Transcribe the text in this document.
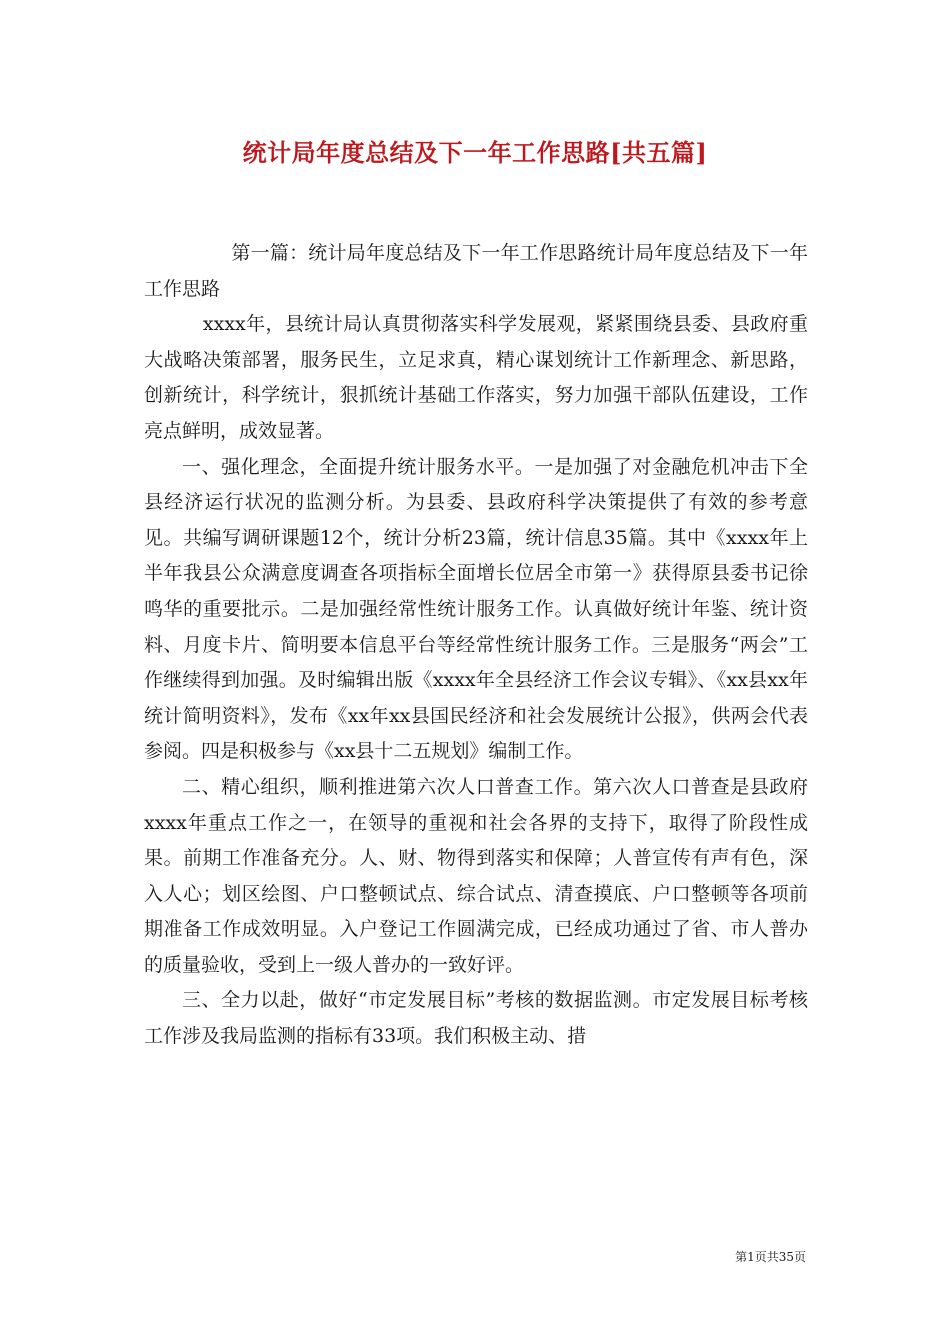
统计局年度总结及下一年工作思路[共五篇]

第一篇：统计局年度总结及下一年工作思路统计局年度总结及下一年工作思路

xxxx年，县统计局认真贯彻落实科学发展观，紧紧围绕县委、县政府重大战略决策部署，服务民生，立足求真，精心谋划统计工作新理念、新思路，创新统计，科学统计，狠抓统计基础工作落实，努力加强干部队伍建设，工作亮点鲜明，成效显著。

一、强化理念，全面提升统计服务水平。一是加强了对金融危机冲击下全县经济运行状况的监测分析。为县委、县政府科学决策提供了有效的参考意见。共编写调研课题12个，统计分析23篇，统计信息35篇。其中《xxxx年上半年我县公众满意度调查各项指标全面增长位居全市第一》获得原县委书记徐鸣华的重要批示。二是加强经常性统计服务工作。认真做好统计年鉴、统计资料、月度卡片、简明要本信息平台等经常性统计服务工作。三是服务“两会”工作继续得到加强。及时编辑出版《xxxx年全县经济工作会议专辑》、《xx县xx年统计简明资料》，发布《xx年xx县国民经济和社会发展统计公报》，供两会代表参阅。四是积极参与《xx县十二五规划》编制工作。

二、精心组织，顺利推进第六次人口普查工作。第六次人口普查是县政府xxxx年重点工作之一，在领导的重视和社会各界的支持下，取得了阶段性成果。前期工作准备充分。人、财、物得到落实和保障；人普宣传有声有色，深入人心；划区绘图、户口整顿试点、综合试点、清查摸底、户口整顿等各项前期准备工作成效明显。入户登记工作圆满完成，已经成功通过了省、市人普办的质量验收，受到上一级人普办的一致好评。

三、全力以赴，做好“市定发展目标”考核的数据监测。市定发展目标考核工作涉及我局监测的指标有33项。我们积极主动、措

第1页共35页
